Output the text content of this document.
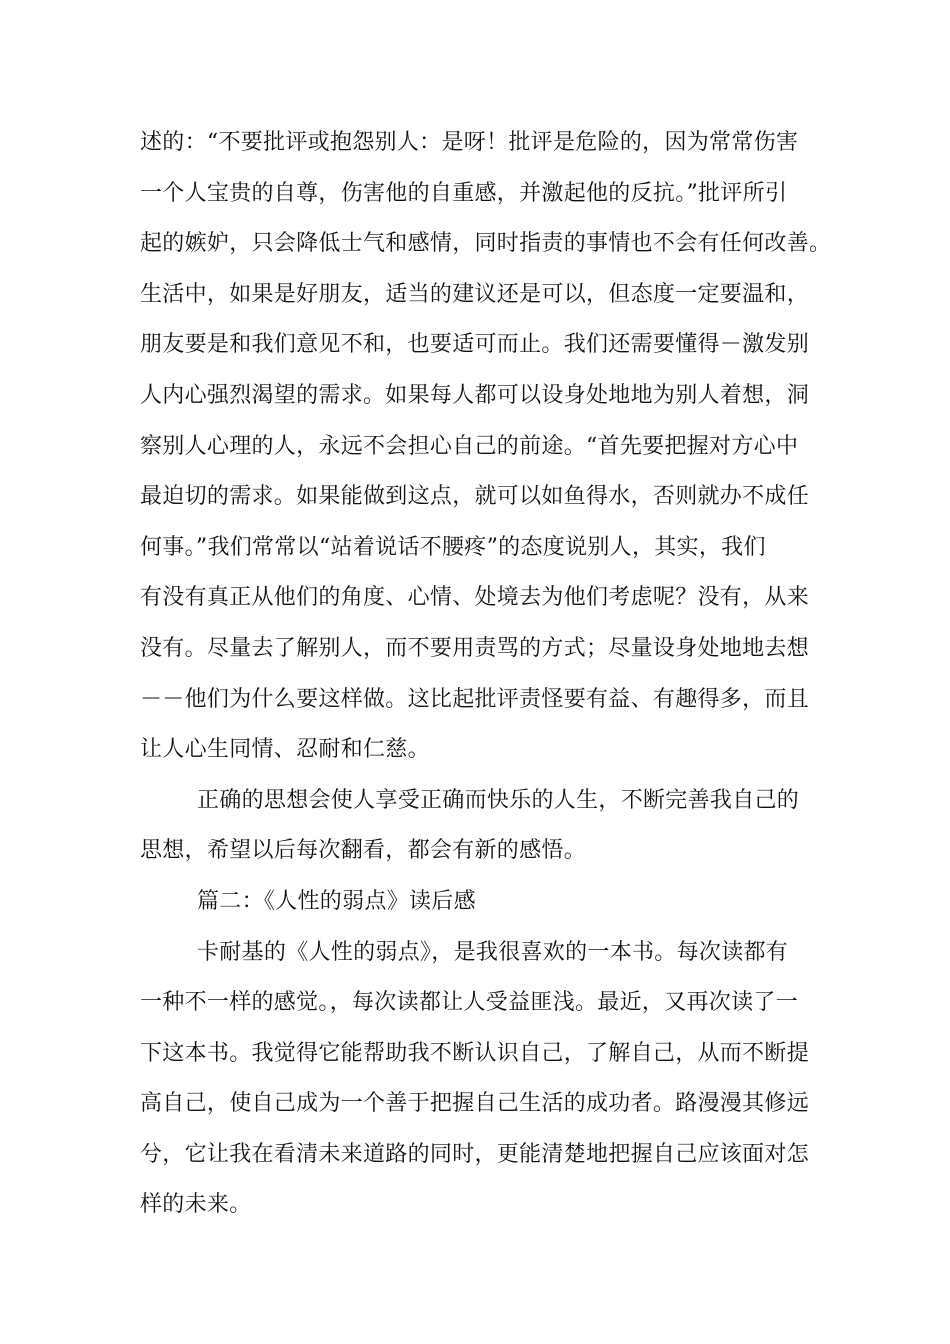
述的：“不要批评或抱怨别人：是呀！批评是危险的，因为常常伤害
一个人宝贵的自尊，伤害他的自重感，并激起他的反抗。”批评所引
起的嫉妒，只会降低士气和感情，同时指责的事情也不会有任何改善。
生活中，如果是好朋友，适当的建议还是可以，但态度一定要温和，
朋友要是和我们意见不和，也要适可而止。我们还需要懂得－激发别
人内心强烈渴望的需求。如果每人都可以设身处地地为别人着想，洞
察别人心理的人，永远不会担心自己的前途。“首先要把握对方心中
最迫切的需求。如果能做到这点，就可以如鱼得水，否则就办不成任
何事。”我们常常以“站着说话不腰疼”的态度说别人，其实，我们
有没有真正从他们的角度、心情、处境去为他们考虑呢？没有，从来
没有。尽量去了解别人，而不要用责骂的方式；尽量设身处地地去想
－－他们为什么要这样做。这比起批评责怪要有益、有趣得多，而且
让人心生同情、忍耐和仁慈。
正确的思想会使人享受正确而快乐的人生，不断完善我自己的
思想，希望以后每次翻看，都会有新的感悟。
篇二：《人性的弱点》读后感
卡耐基的《人性的弱点》，是我很喜欢的一本书。每次读都有
一种不一样的感觉。，每次读都让人受益匪浅。最近，又再次读了一
下这本书。我觉得它能帮助我不断认识自己，了解自己，从而不断提
高自己，使自己成为一个善于把握自己生活的成功者。路漫漫其修远
兮，它让我在看清未来道路的同时，更能清楚地把握自己应该面对怎
样的未来。
